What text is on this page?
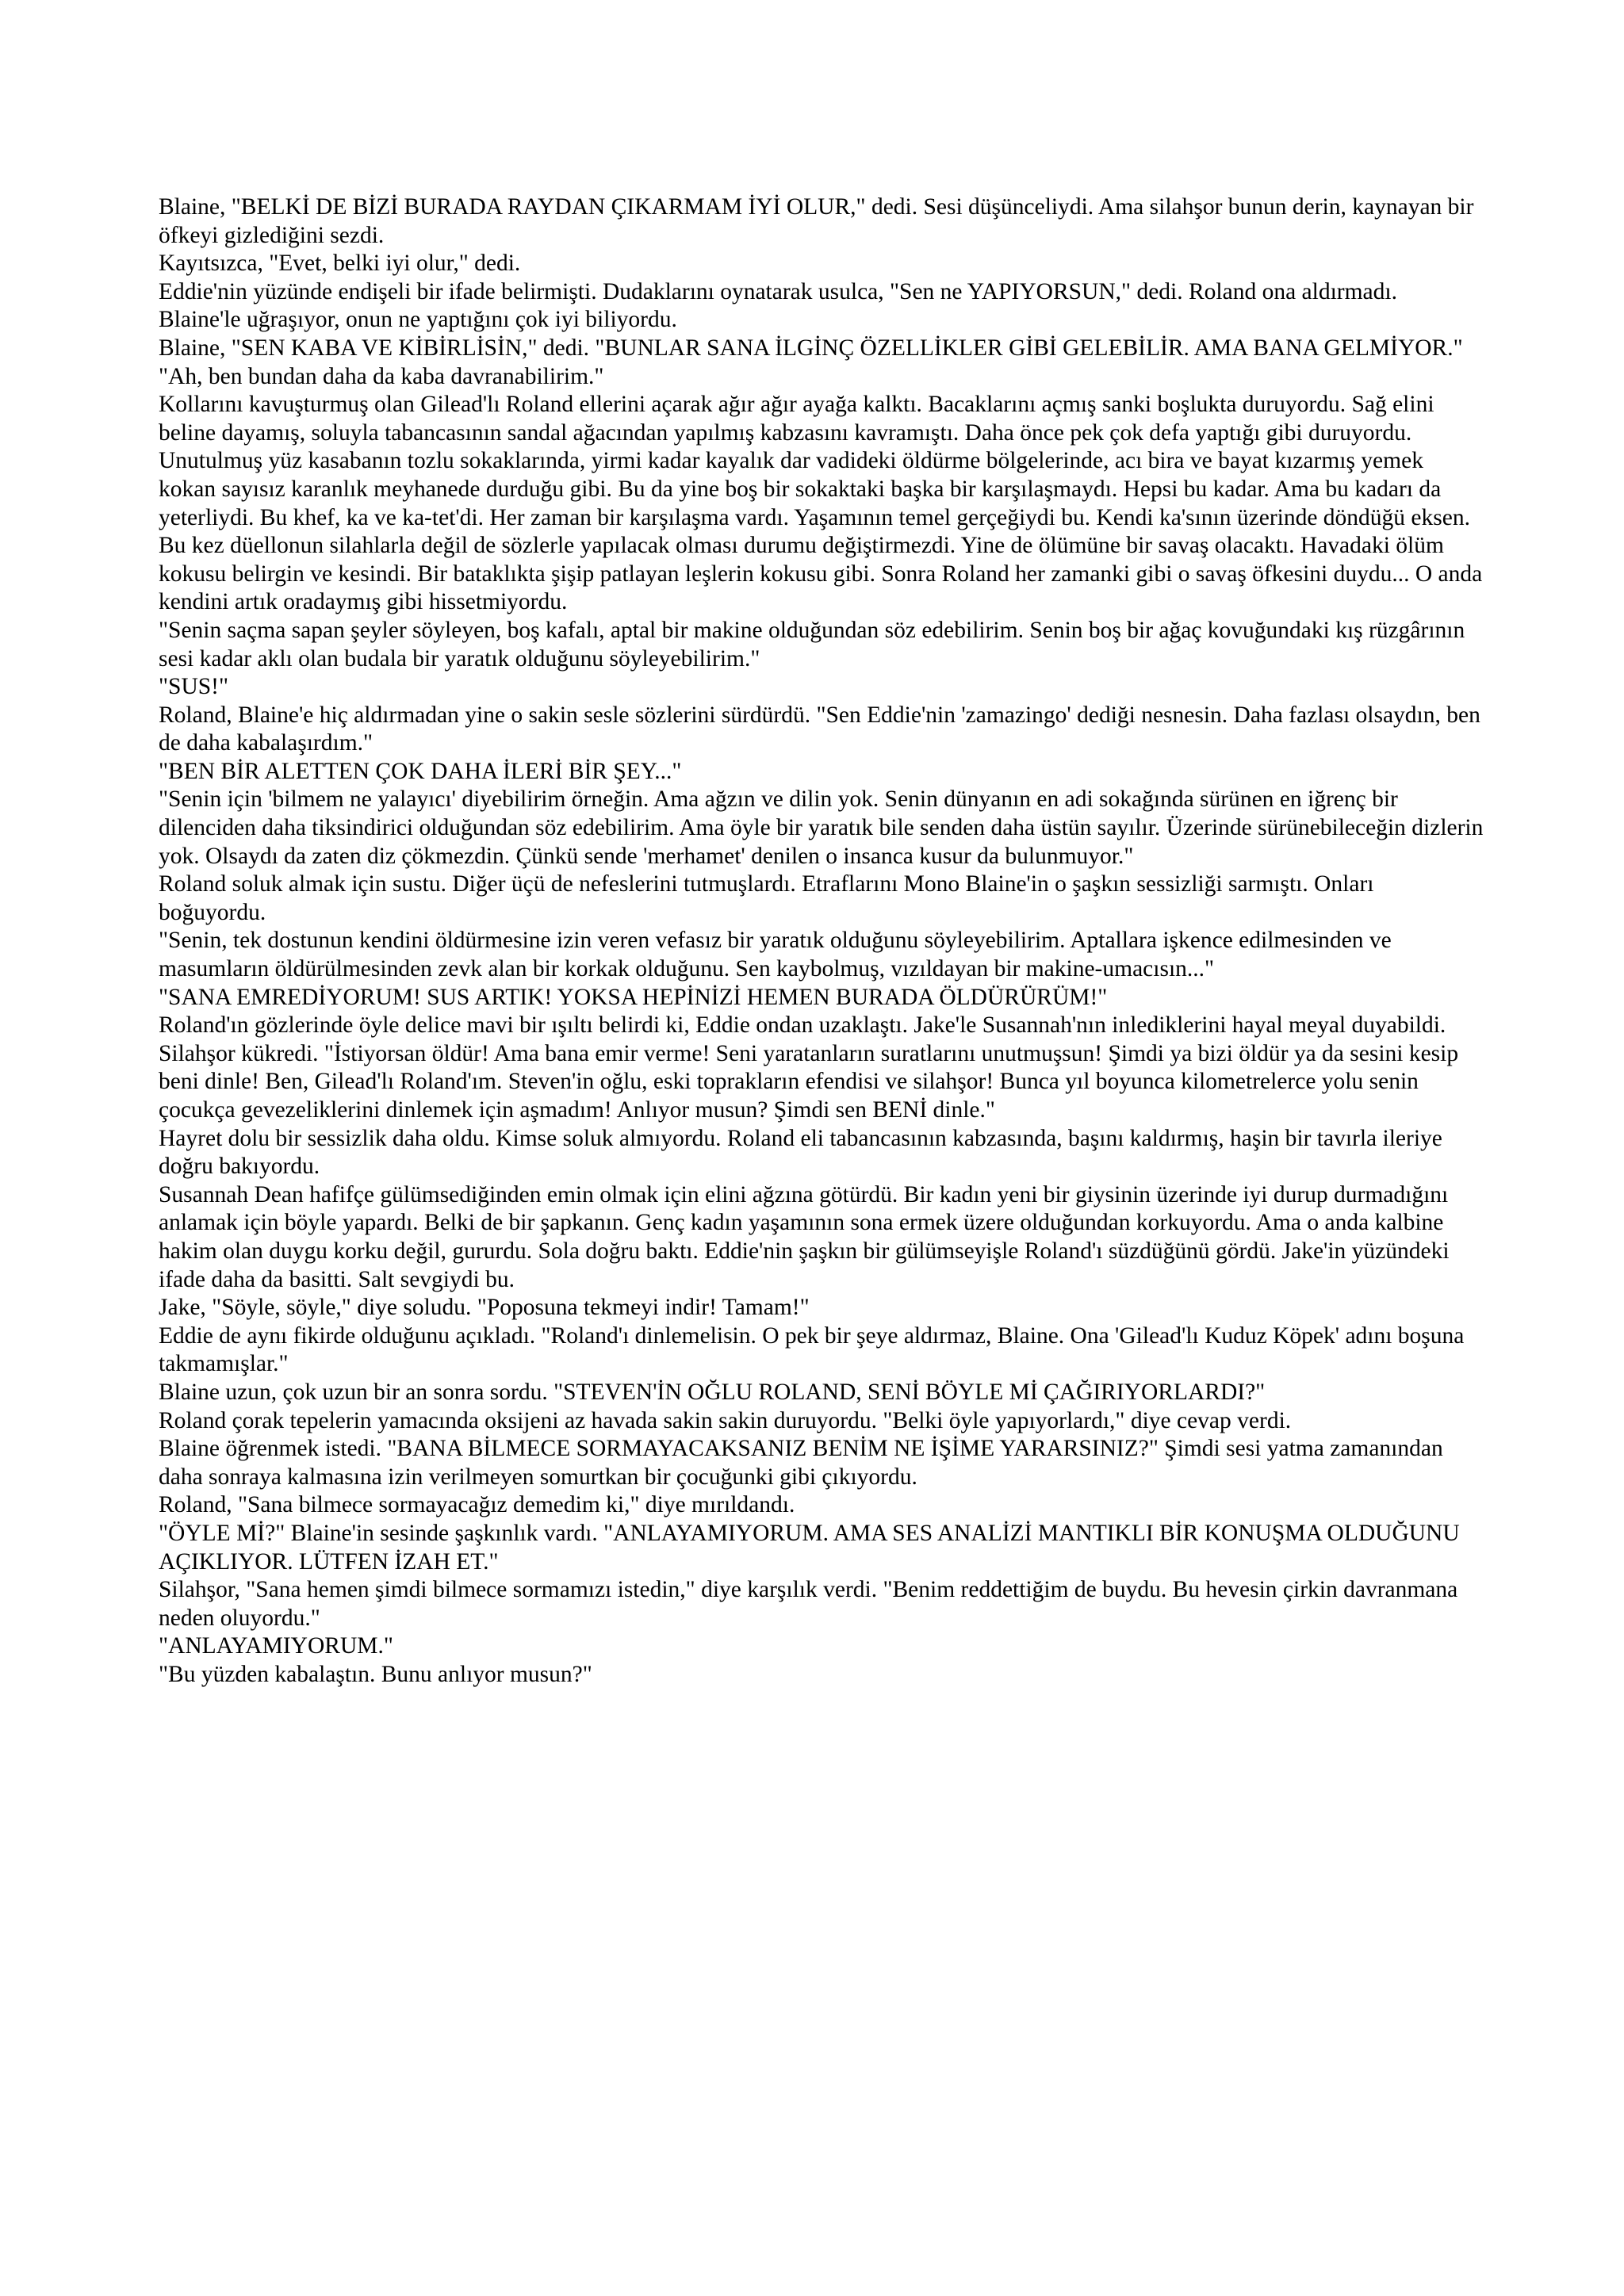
Blaine, "BELKİ DE BİZİ BURADA RAYDAN ÇIKARMAM İYİ OLUR," dedi. Sesi düşünceliydi. Ama silahşor bunun derin, kaynayan bir öfkeyi gizlediğini sezdi.

Kayıtsızca, "Evet, belki iyi olur," dedi.

Eddie'nin yüzünde endişeli bir ifade belirmişti. Dudaklarını oynatarak usulca, "Sen ne YAPIYORSUN," dedi. Roland ona aldırmadı. Blaine'le uğraşıyor, onun ne yaptığını çok iyi biliyordu.

Blaine, "SEN KABA VE KİBİRLİSİN," dedi. "BUNLAR SANA İLGİNÇ ÖZELLİKLER GİBİ GELEBİLİR. AMA BANA GELMİYOR."

"Ah, ben bundan daha da kaba davranabilirim."

Kollarını kavuşturmuş olan Gilead'lı Roland ellerini açarak ağır ağır ayağa kalktı. Bacaklarını açmış sanki boşlukta duruyordu. Sağ elini beline dayamış, soluyla tabancasının sandal ağacından yapılmış kabzasını kavramıştı. Daha önce pek çok defa yaptığı gibi duruyordu. Unutulmuş yüz kasabanın tozlu sokaklarında, yirmi kadar kayalık dar vadideki öldürme bölgelerinde, acı bira ve bayat kızarmış yemek kokan sayısız karanlık meyhanede durduğu gibi. Bu da yine boş bir sokaktaki başka bir karşılaşmaydı. Hepsi bu kadar. Ama bu kadarı da yeterliydi. Bu khef, ka ve ka-tet'di. Her zaman bir karşılaşma vardı. Yaşamının temel gerçeğiydi bu. Kendi ka'sının üzerinde döndüğü eksen. Bu kez düellonun silahlarla değil de sözlerle yapılacak olması durumu değiştirmezdi. Yine de ölümüne bir savaş olacaktı. Havadaki ölüm kokusu belirgin ve kesindi. Bir bataklıkta şişip patlayan leşlerin kokusu gibi. Sonra Roland her zamanki gibi o savaş öfkesini duydu... O anda kendini artık oradaymış gibi hissetmiyordu.

"Senin saçma sapan şeyler söyleyen, boş kafalı, aptal bir makine olduğundan söz edebilirim. Senin boş bir ağaç kovuğundaki kış rüzgârının sesi kadar aklı olan budala bir yaratık olduğunu söyleyebilirim."

"SUS!"

Roland, Blaine'e hiç aldırmadan yine o sakin sesle sözlerini sürdürdü. "Sen Eddie'nin 'zamazingo' dediği nesnesin. Daha fazlası olsaydın, ben de daha kabalaşırdım."

"BEN BİR ALETTEN ÇOK DAHA İLERİ BİR ŞEY..."

"Senin için 'bilmem ne yalayıcı' diyebilirim örneğin. Ama ağzın ve dilin yok. Senin dünyanın en adi sokağında sürünen en iğrenç bir dilenciden daha tiksindirici olduğundan söz edebilirim. Ama öyle bir yaratık bile senden daha üstün sayılır. Üzerinde sürünebileceğin dizlerin yok. Olsaydı da zaten diz çökmezdin. Çünkü sende 'merhamet' denilen o insanca kusur da bulunmuyor."

Roland soluk almak için sustu. Diğer üçü de nefeslerini tutmuşlardı. Etraflarını Mono Blaine'in o şaşkın sessizliği sarmıştı. Onları boğuyordu.

"Senin, tek dostunun kendini öldürmesine izin veren vefasız bir yaratık olduğunu söyleyebilirim. Aptallara işkence edilmesinden ve masumların öldürülmesinden zevk alan bir korkak olduğunu. Sen kaybolmuş, vızıldayan bir makine-umacısın..."

"SANA EMREDİYORUM! SUS ARTIK! YOKSA HEPİNİZİ HEMEN BURADA ÖLDÜRÜRÜM!"

Roland'ın gözlerinde öyle delice mavi bir ışıltı belirdi ki, Eddie ondan uzaklaştı. Jake'le Susannah'nın inlediklerini hayal meyal duyabildi.

Silahşor kükredi. "İstiyorsan öldür! Ama bana emir verme! Seni yaratanların suratlarını unutmuşsun! Şimdi ya bizi öldür ya da sesini kesip beni dinle! Ben, Gilead'lı Roland'ım. Steven'in oğlu, eski toprakların efendisi ve silahşor! Bunca yıl boyunca kilometrelerce yolu senin çocukça gevezeliklerini dinlemek için aşmadım! Anlıyor musun? Şimdi sen BENİ dinle."

Hayret dolu bir sessizlik daha oldu. Kimse soluk almıyordu. Roland eli tabancasının kabzasında, başını kaldırmış, haşin bir tavırla ileriye doğru bakıyordu.

Susannah Dean hafifçe gülümsediğinden emin olmak için elini ağzına götürdü. Bir kadın yeni bir giysinin üzerinde iyi durup durmadığını anlamak için böyle yapardı. Belki de bir şapkanın. Genç kadın yaşamının sona ermek üzere olduğundan korkuyordu. Ama o anda kalbine hakim olan duygu korku değil, gururdu. Sola doğru baktı. Eddie'nin şaşkın bir gülümseyişle Roland'ı süzdüğünü gördü. Jake'in yüzündeki ifade daha da basitti. Salt sevgiydi bu.

Jake, "Söyle, söyle," diye soludu. "Poposuna tekmeyi indir! Tamam!"

Eddie de aynı fikirde olduğunu açıkladı. "Roland'ı dinlemelisin. O pek bir şeye aldırmaz, Blaine. Ona 'Gilead'lı Kuduz Köpek' adını boşuna takmamışlar."

Blaine uzun, çok uzun bir an sonra sordu. "STEVEN'İN OĞLU ROLAND, SENİ BÖYLE Mİ ÇAĞIRIYORLARDI?"

Roland çorak tepelerin yamacında oksijeni az havada sakin sakin duruyordu. "Belki öyle yapıyorlardı," diye cevap verdi.

Blaine öğrenmek istedi. "BANA BİLMECE SORMAYACAKSANIZ BENİM NE İŞİME YARARSINIZ?" Şimdi sesi yatma zamanından daha sonraya kalmasına izin verilmeyen somurtkan bir çocuğunki gibi çıkıyordu.

Roland, "Sana bilmece sormayacağız demedim ki," diye mırıldandı.

"ÖYLE Mİ?" Blaine'in sesinde şaşkınlık vardı. "ANLAYAMIYORUM. AMA SES ANALİZİ MANTIKLI BİR KONUŞMA OLDUĞUNU AÇIKLIYOR. LÜTFEN İZAH ET."

Silahşor, "Sana hemen şimdi bilmece sormamızı istedin," diye karşılık verdi. "Benim reddettiğim de buydu. Bu hevesin çirkin davranmana neden oluyordu."

"ANLAYAMIYORUM."

"Bu yüzden kabalaştın. Bunu anlıyor musun?"
